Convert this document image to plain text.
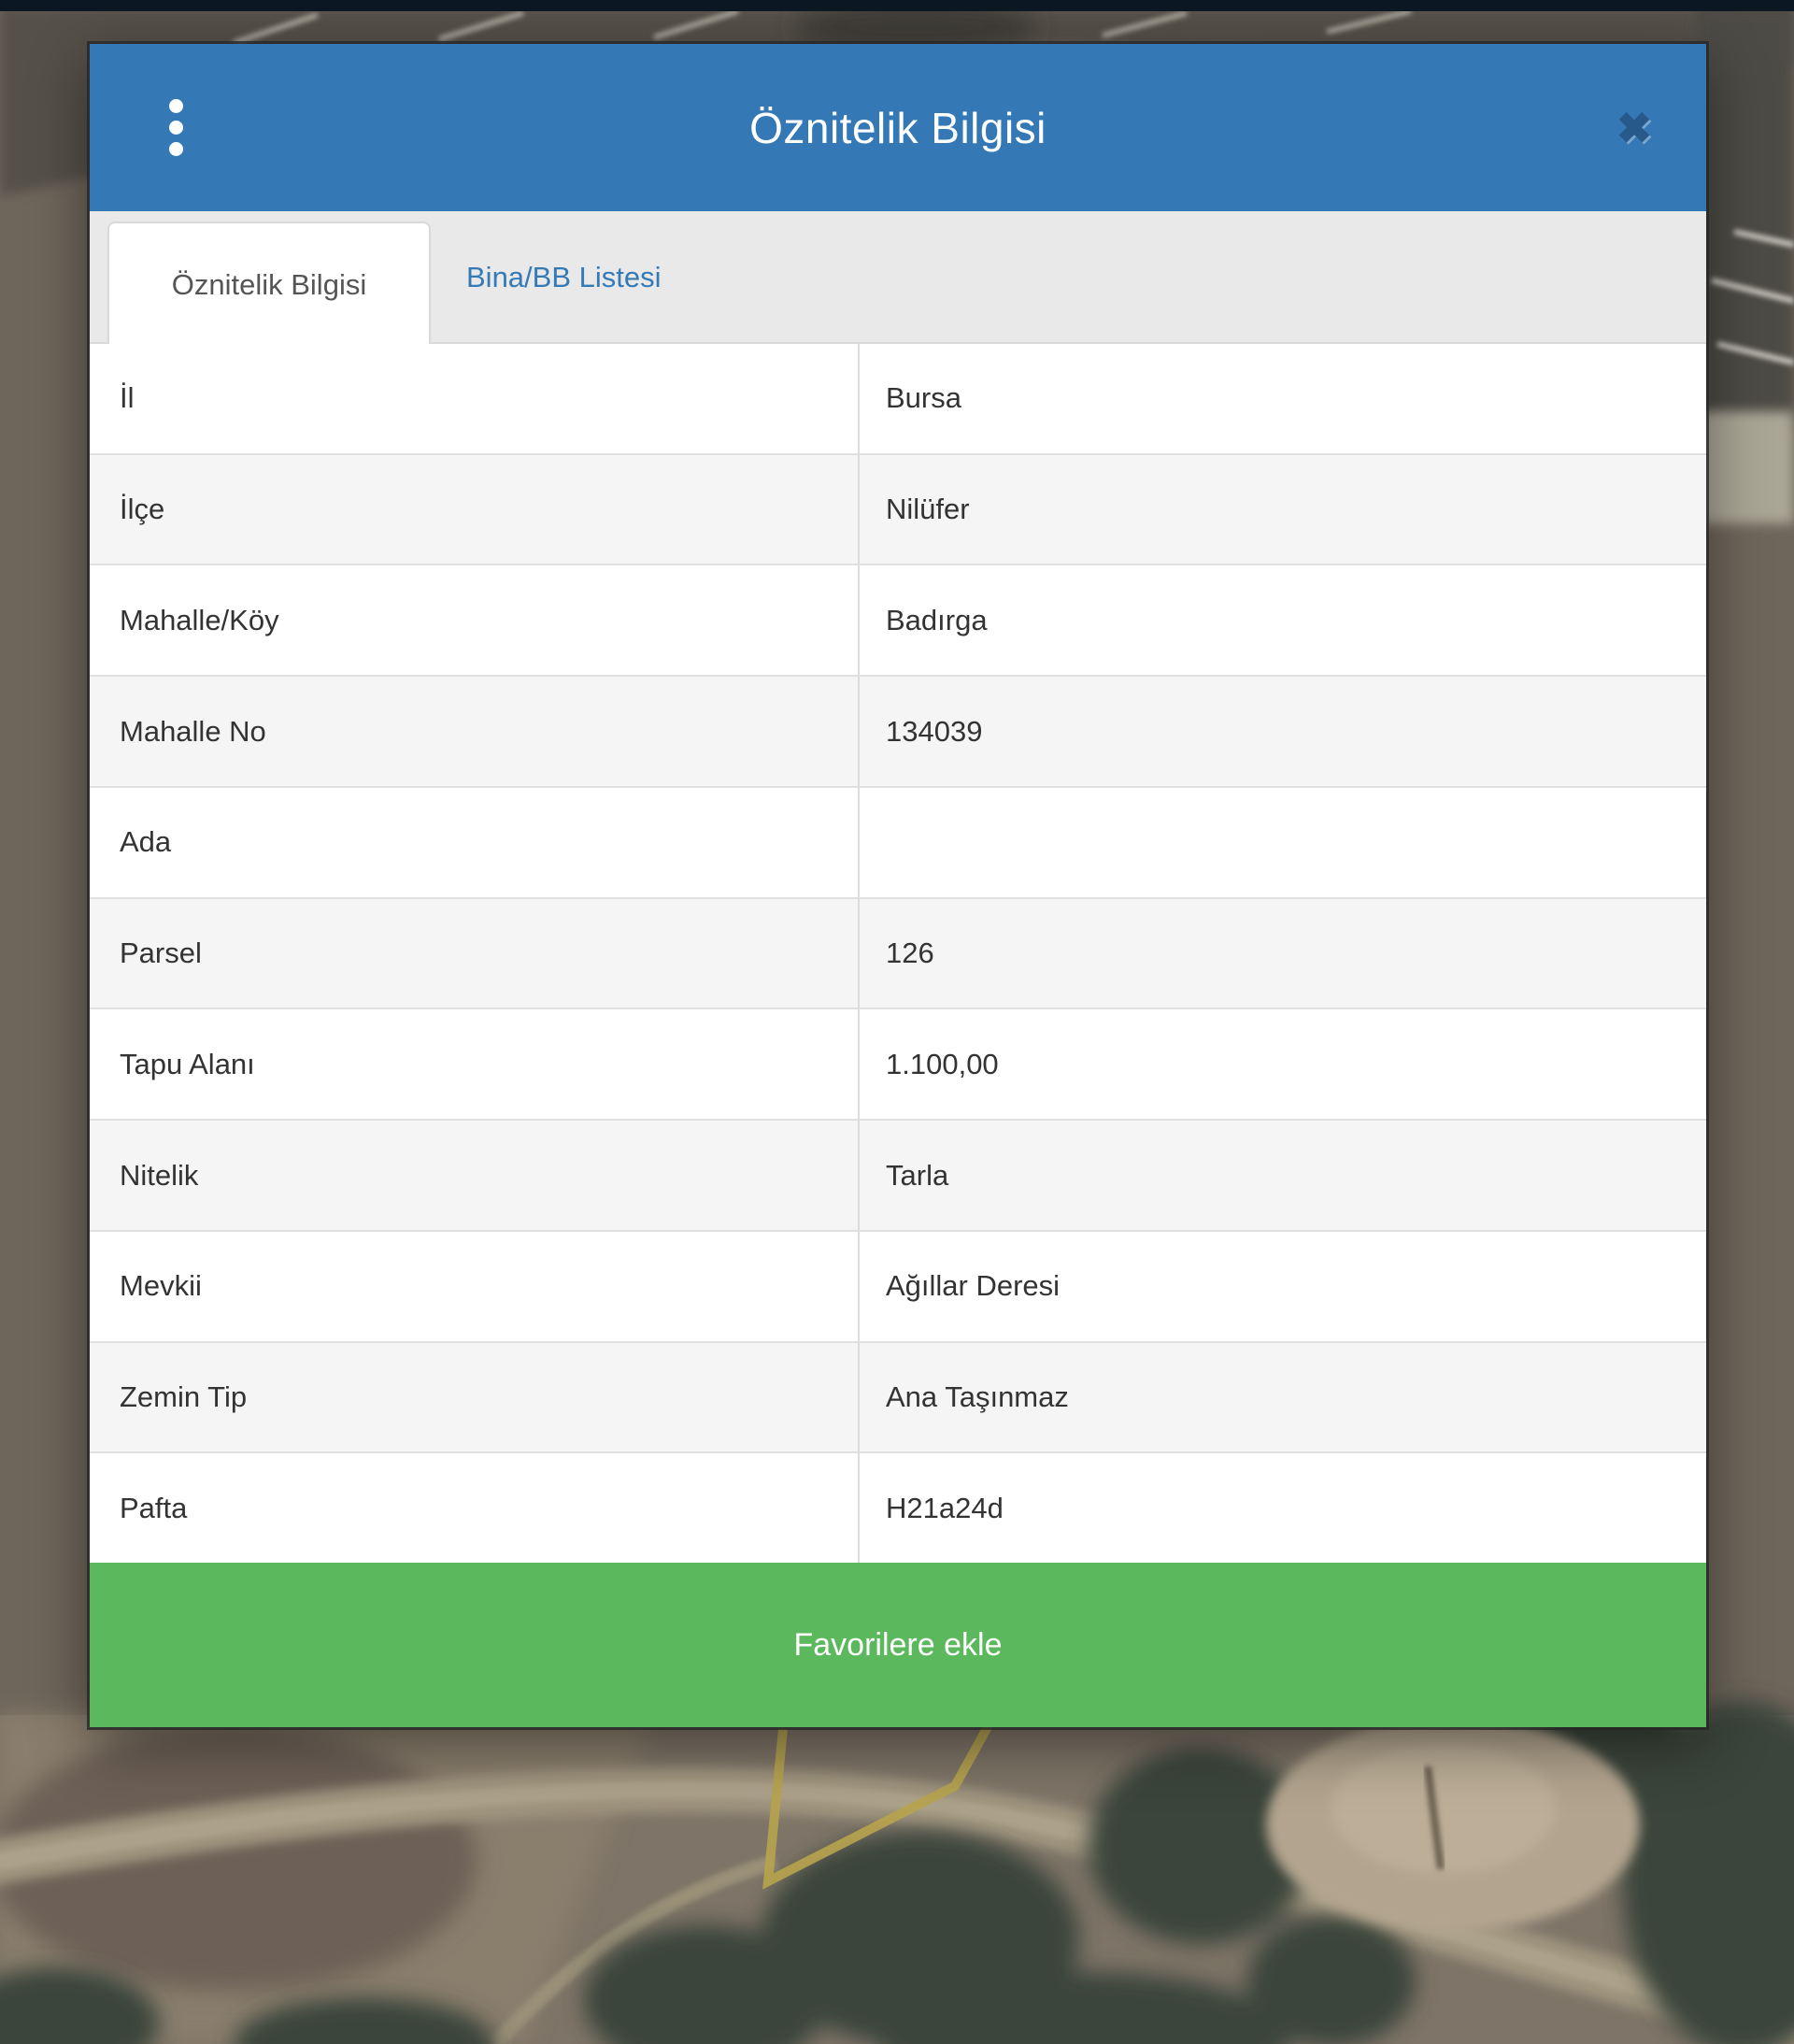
Öznitelik Bilgisi	✖
Öznitelik Bilgisi	Bina/BB Listesi
İl	Bursa
İlçe	Nilüfer
Mahalle/Köy	Badırga
Mahalle No	134039
Ada
Parsel	126
Tapu Alanı	1.100,00
Nitelik	Tarla
Mevkii	Ağıllar Deresi
Zemin Tip	Ana Taşınmaz
Pafta	H21a24d
Favorilere ekle
